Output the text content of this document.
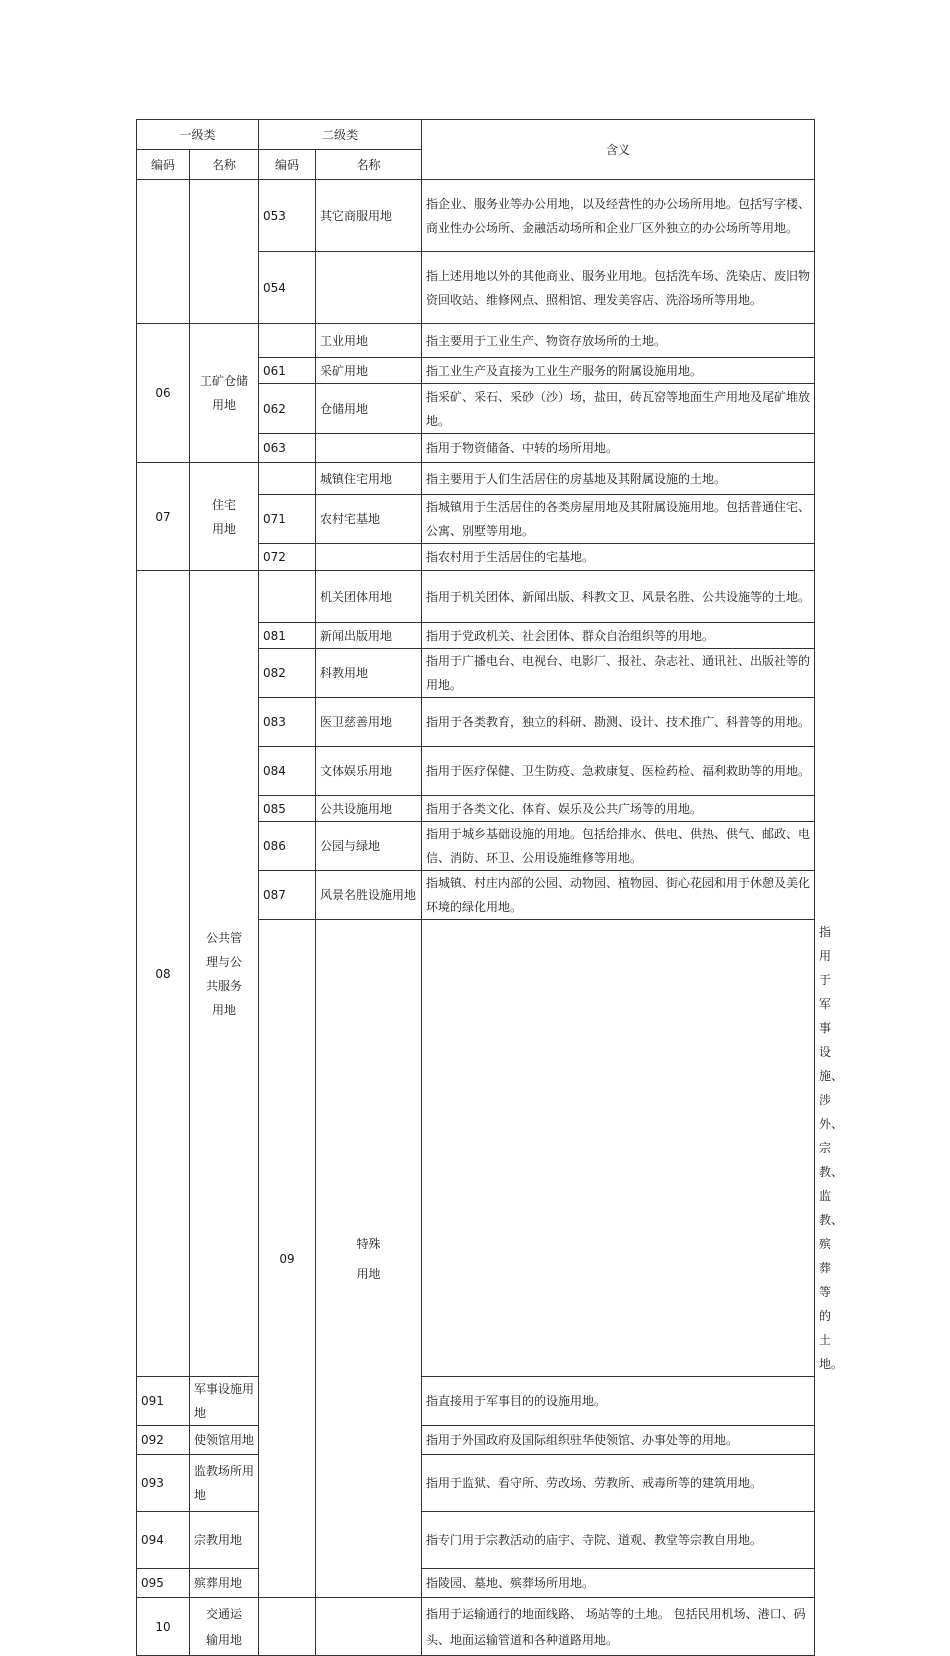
一级类		二级类		含义	
编码	名称	编码	名称		
		053	其它商服用地	指企业、服务业等办公用地，以及经营性的办公场所用地。包括写字楼、商业性办公场所、金融活动场所和企业厂区外独立的办公场所等用地。	
		054		指上述用地以外的其他商业、服务业用地。包括洗车场、洗染店、废旧物资回收站、维修网点、照相馆、理发美容店、洗浴场所等用地。	
06	工矿仓储用地		工业用地	指主要用于工业生产、物资存放场所的土地。	
		061	采矿用地	指工业生产及直接为工业生产服务的附属设施用地。	
		062	仓储用地	指采矿、采石、采砂（沙）场，盐田，砖瓦窑等地面生产用地及尾矿堆放地。	
		063		指用于物资储备、中转的场所用地。	
07	住宅用地		城镇住宅用地	指主要用于人们生活居住的房基地及其附属设施的土地。	
		071	农村宅基地	指城镇用于生活居住的各类房屋用地及其附属设施用地。包括普通住宅、公寓、别墅等用地。	
		072		指农村用于生活居住的宅基地。	
08	公共管理与公共服务用地		机关团体用地	指用于机关团体、新闻出版、科教文卫、风景名胜、公共设施等的土地。	
		081	新闻出版用地	指用于党政机关、社会团体、群众自治组织等的用地。	
		082	科教用地	指用于广播电台、电视台、电影厂、报社、杂志社、通讯社、出版社等的用地。	
		083	医卫慈善用地	指用于各类教育，独立的科研、勘测、设计、技术推广、科普等的用地。	
		084	文体娱乐用地	指用于医疗保健、卫生防疫、急救康复、医检药检、福利救助等的用地。	
		085	公共设施用地	指用于各类文化、体育、娱乐及公共广场等的用地。	
		086	公园与绿地	指用于城乡基础设施的用地。包括给排水、供电、供热、供气、邮政、电信、消防、环卫、公用设施维修等用地。	
		087	风景名胜设施用地	指城镇、村庄内部的公园、动物园、植物园、街心花园和用于休憩及美化环境的绿化用地。	
		09	特殊用地			指用于军事设施、涉外、宗教、监教、殡葬等的土地。
091	军事设施用地			指直接用于军事目的的设施用地。	
092	使领馆用地			指用于外国政府及国际组织驻华使领馆、办事处等的用地。	
093	监教场所用地			指用于监狱、看守所、劳改场、劳教所、戒毒所等的建筑用地。	
094	宗教用地			指专门用于宗教活动的庙宇、寺院、道观、教堂等宗教自用地。	
095	殡葬用地			指陵园、墓地、殡葬场所用地。	
10	交通运输用地			指用于运输通行的地面线路、 场站等的土地。 包括民用机场、港口、码头、地面运输管道和各种道路用地。	
